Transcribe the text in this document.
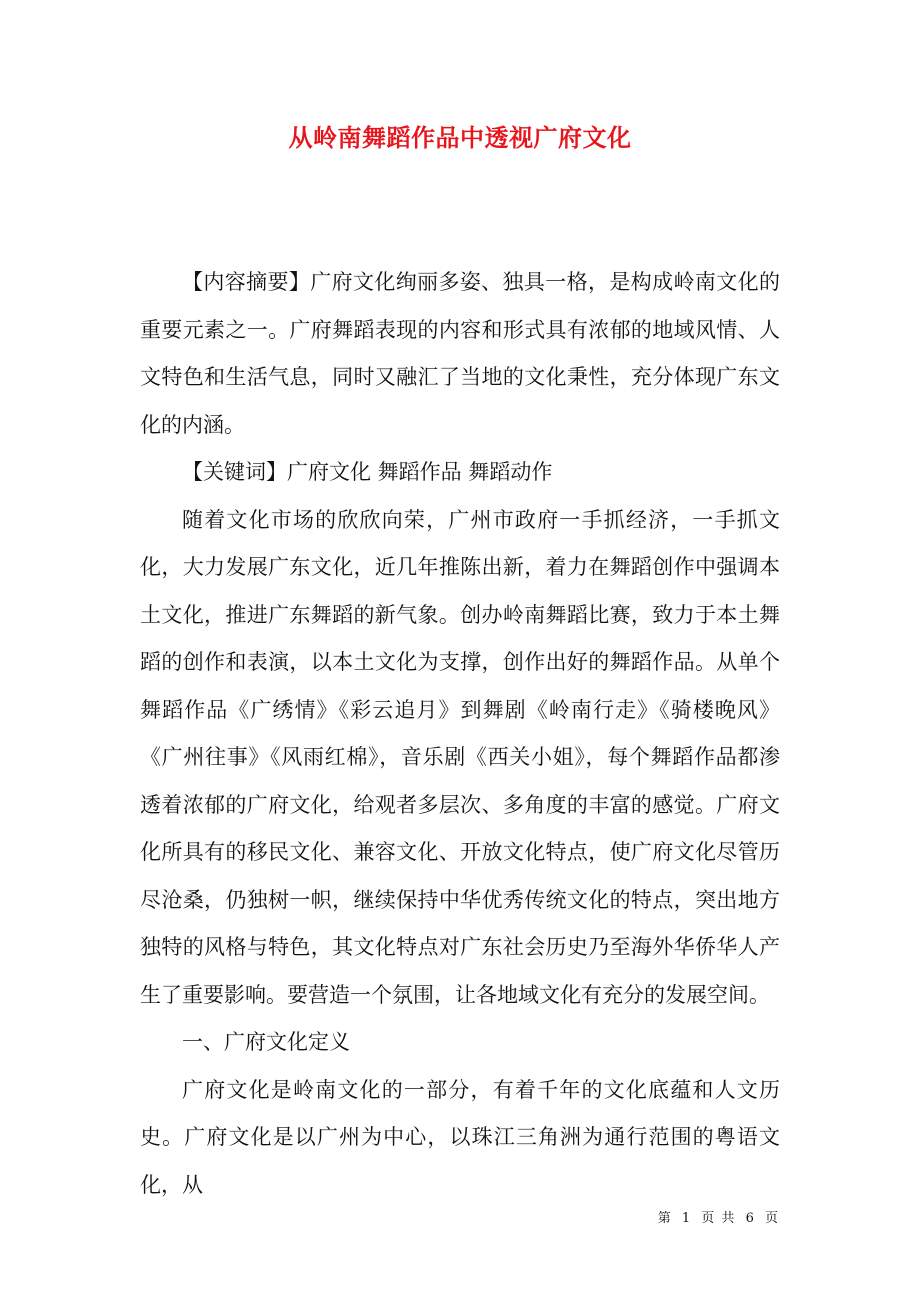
从岭南舞蹈作品中透视广府文化

【内容摘要】广府文化绚丽多姿、独具一格，是构成岭南文化的重要元素之一。广府舞蹈表现的内容和形式具有浓郁的地域风情、人文特色和生活气息，同时又融汇了当地的文化秉性，充分体现广东文化的内涵。

【关键词】广府文化 舞蹈作品 舞蹈动作

随着文化市场的欣欣向荣，广州市政府一手抓经济，一手抓文化，大力发展广东文化，近几年推陈出新，着力在舞蹈创作中强调本土文化，推进广东舞蹈的新气象。创办岭南舞蹈比赛，致力于本土舞蹈的创作和表演，以本土文化为支撑，创作出好的舞蹈作品。从单个舞蹈作品《广绣情》《彩云追月》到舞剧《岭南行走》《骑楼晚风》《广州往事》《风雨红棉》，音乐剧《西关小姐》，每个舞蹈作品都渗透着浓郁的广府文化，给观者多层次、多角度的丰富的感觉。广府文化所具有的移民文化、兼容文化、开放文化特点，使广府文化尽管历尽沧桑，仍独树一帜，继续保持中华优秀传统文化的特点，突出地方独特的风格与特色，其文化特点对广东社会历史乃至海外华侨华人产生了重要影响。要营造一个氛围，让各地域文化有充分的发展空间。

一、广府文化定义

广府文化是岭南文化的一部分，有着千年的文化底蕴和人文历史。广府文化是以广州为中心，以珠江三角洲为通行范围的粤语文化，从

第 1 页 共 6 页
